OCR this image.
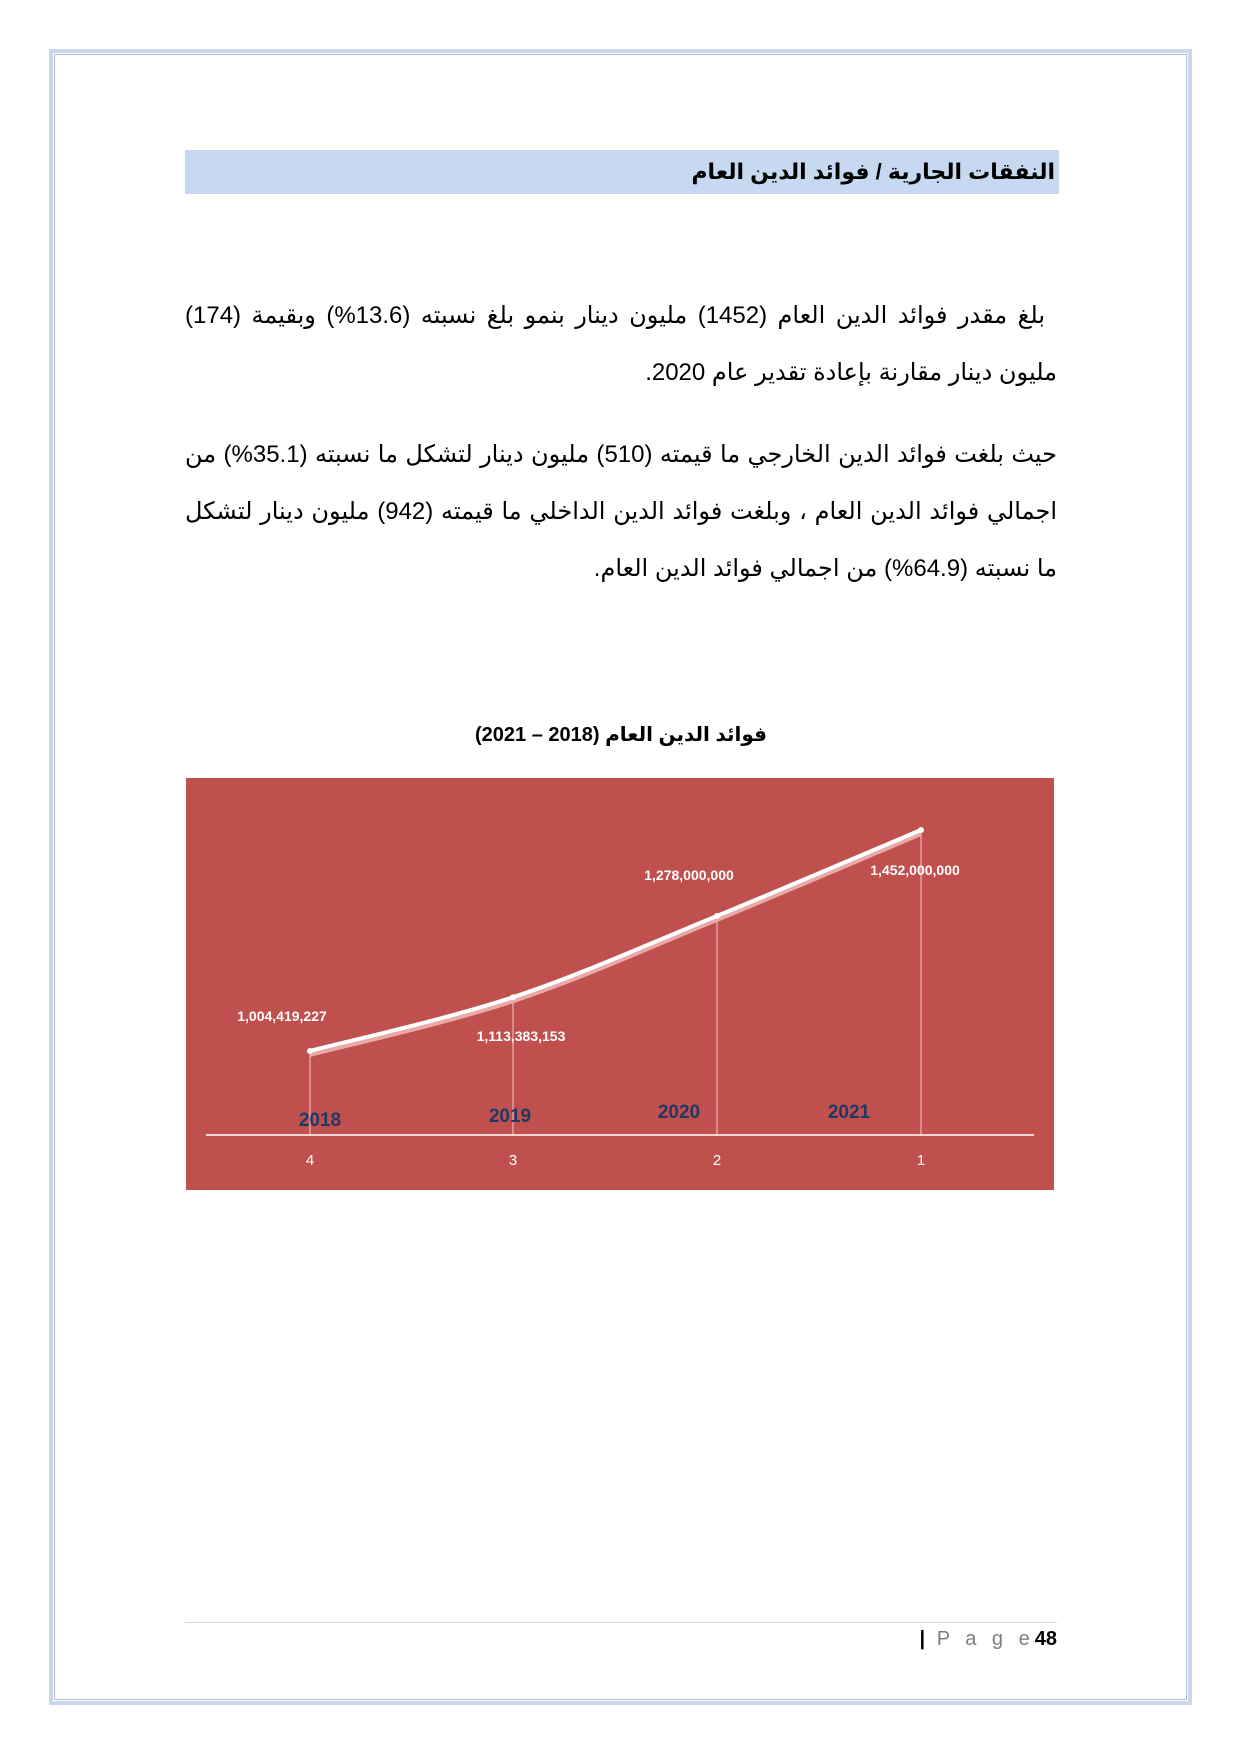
النفقات الجارية / فوائد الدين العام
بلغ مقدر فوائد الدين العام (1452) مليون دينار بنمو بلغ نسبته (13.6%) وبقيمة (174) مليون دينار مقارنة بإعادة تقدير عام 2020.
حيث بلغت فوائد الدين الخارجي ما قيمته (510) مليون دينار لتشكل ما نسبته (35.1%) من اجمالي فوائد الدين العام ، وبلغت فوائد الدين الداخلي ما قيمته (942) مليون دينار لتشكل ما نسبته (64.9%) من اجمالي فوائد الدين العام.
فوائد الدين العام (2018 – 2021)
1,004,419,227
1,113,383,153
1,278,000,000	1,452,000,000
2018	2019	2020	2021
4	3	2	1
| P a g e48
